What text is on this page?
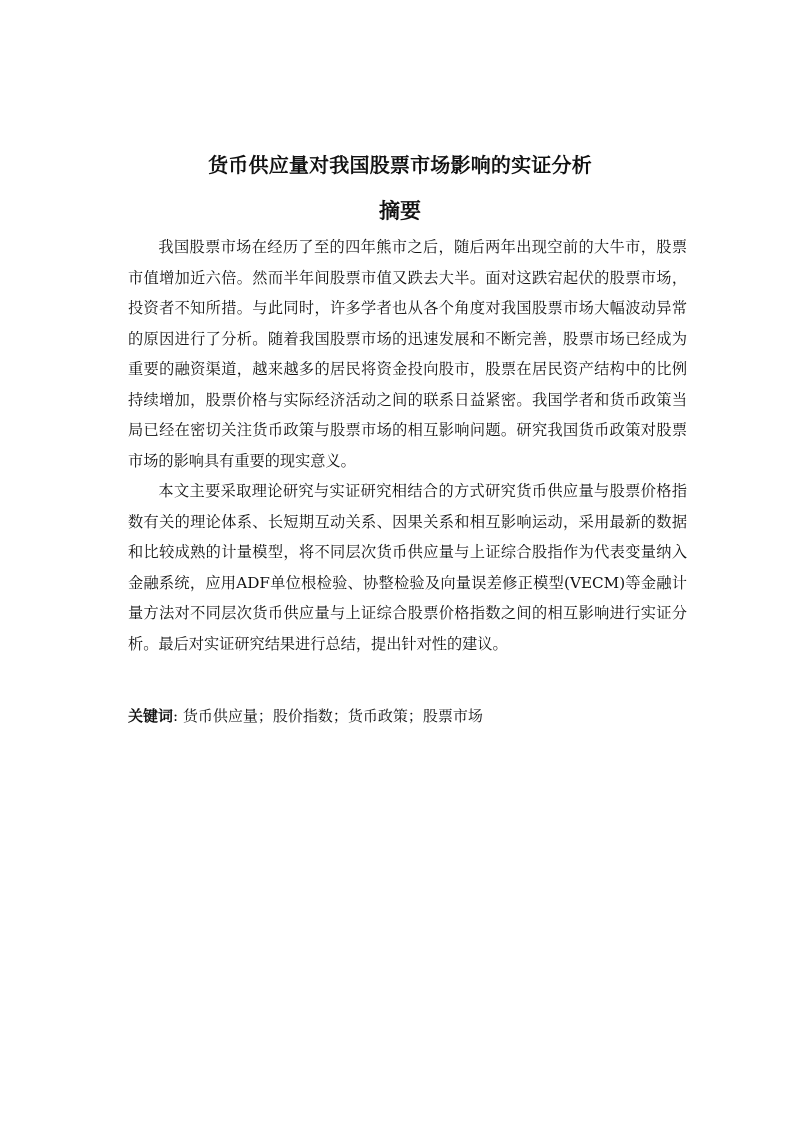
货币供应量对我国股票市场影响的实证分析
摘要

我国股票市场在经历了至的四年熊市之后，随后两年出现空前的大牛市，股票市值增加近六倍。然而半年间股票市值又跌去大半。面对这跌宕起伏的股票市场，投资者不知所措。与此同时，许多学者也从各个角度对我国股票市场大幅波动异常的原因进行了分析。随着我国股票市场的迅速发展和不断完善，股票市场已经成为重要的融资渠道，越来越多的居民将资金投向股市，股票在居民资产结构中的比例持续增加，股票价格与实际经济活动之间的联系日益紧密。我国学者和货币政策当局已经在密切关注货币政策与股票市场的相互影响问题。研究我国货币政策对股票市场的影响具有重要的现实意义。

本文主要采取理论研究与实证研究相结合的方式研究货币供应量与股票价格指数有关的理论体系、长短期互动关系、因果关系和相互影响运动，采用最新的数据和比较成熟的计量模型，将不同层次货币供应量与上证综合股指作为代表变量纳入金融系统，应用ADF单位根检验、协整检验及向量误差修正模型(VECM)等金融计量方法对不同层次货币供应量与上证综合股票价格指数之间的相互影响进行实证分析。最后对实证研究结果进行总结，提出针对性的建议。

关键词: 货币供应量；股价指数；货币政策；股票市场
